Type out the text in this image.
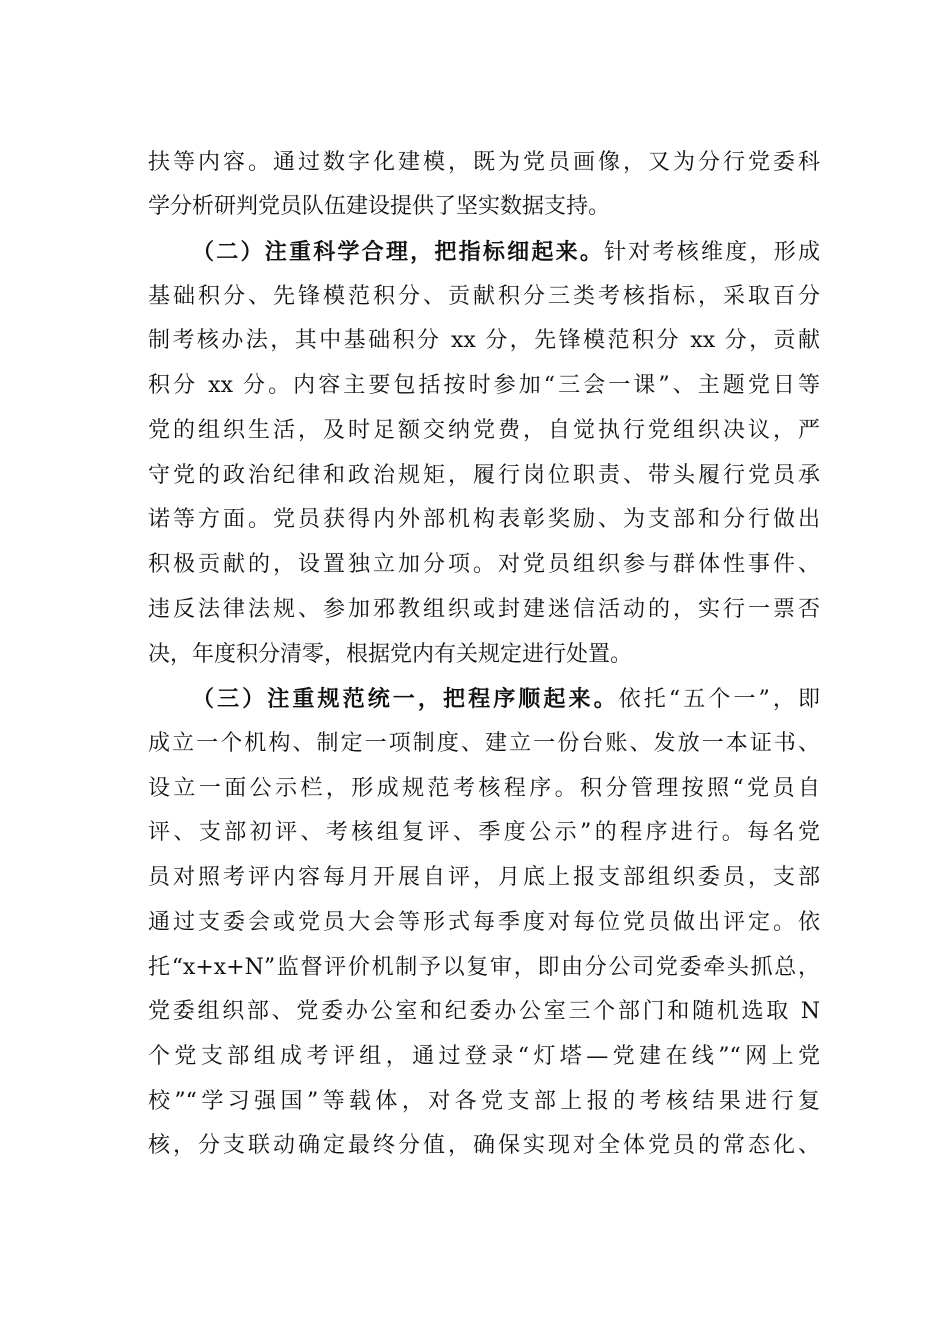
扶等内容。通过数字化建模，既为党员画像，又为分行党委科
学分析研判党员队伍建设提供了坚实数据支持。
（二）注重科学合理，把指标细起来。针对考核维度，形成
基础积分、先锋模范积分、贡献积分三类考核指标，采取百分
制考核办法，其中基础积分 xx 分，先锋模范积分 xx 分，贡献
积分 xx 分。内容主要包括按时参加“三会一课”、主题党日等
党的组织生活，及时足额交纳党费，自觉执行党组织决议，严
守党的政治纪律和政治规矩，履行岗位职责、带头履行党员承
诺等方面。党员获得内外部机构表彰奖励、为支部和分行做出
积极贡献的，设置独立加分项。对党员组织参与群体性事件、
违反法律法规、参加邪教组织或封建迷信活动的，实行一票否
决，年度积分清零，根据党内有关规定进行处置。
（三）注重规范统一，把程序顺起来。依托“五个一”，即
成立一个机构、制定一项制度、建立一份台账、发放一本证书、
设立一面公示栏，形成规范考核程序。积分管理按照“党员自
评、支部初评、考核组复评、季度公示”的程序进行。每名党
员对照考评内容每月开展自评，月底上报支部组织委员，支部
通过支委会或党员大会等形式每季度对每位党员做出评定。依
托“x+x+N”监督评价机制予以复审，即由分公司党委牵头抓总，
党委组织部、党委办公室和纪委办公室三个部门和随机选取 N
个党支部组成考评组，通过登录“灯塔—党建在线”“网上党
校”“学习强国”等载体，对各党支部上报的考核结果进行复
核，分支联动确定最终分值，确保实现对全体党员的常态化、
